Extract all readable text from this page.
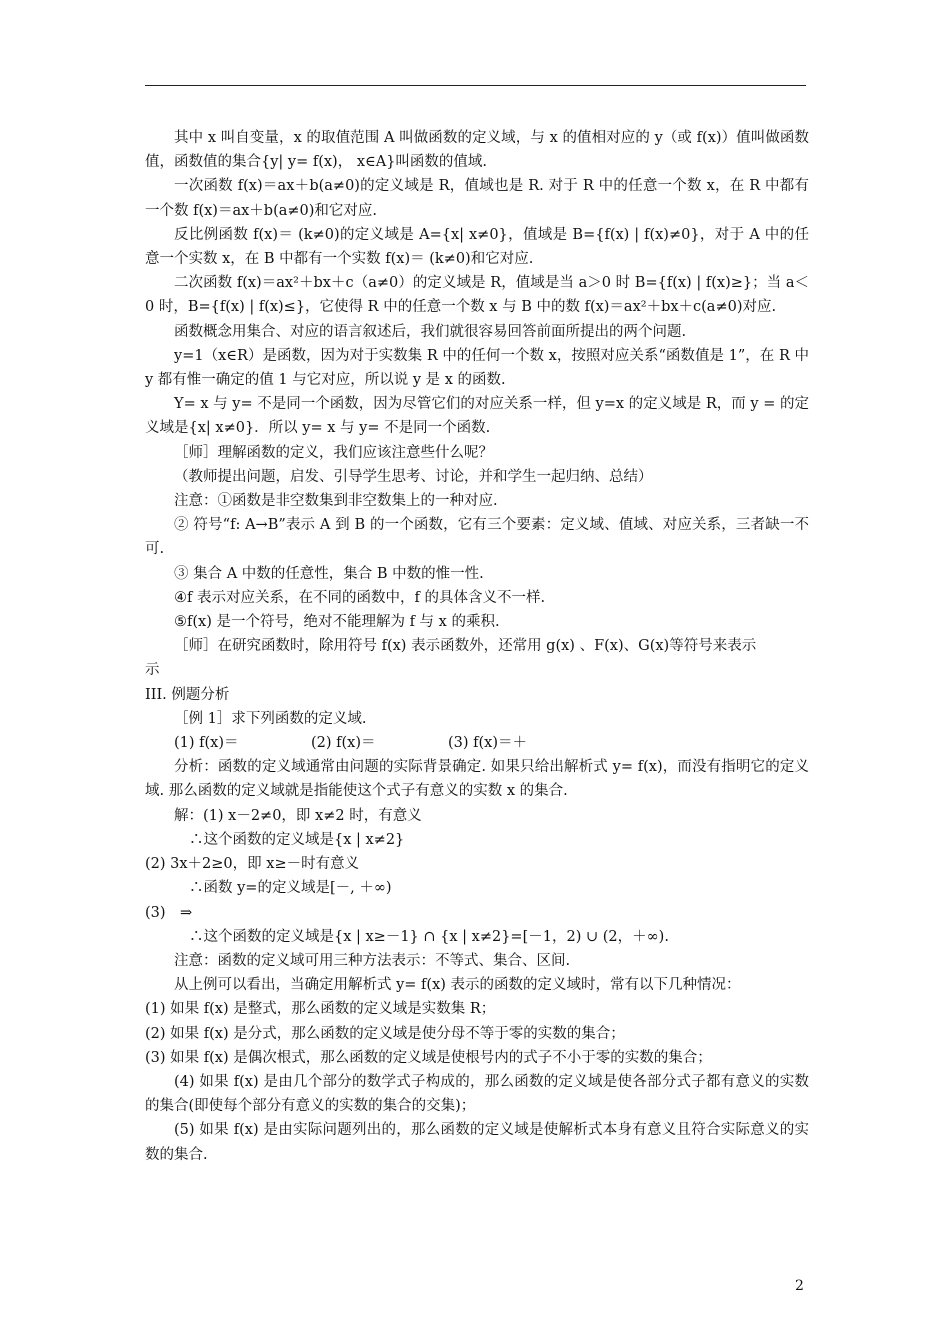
其中 x 叫自变量，x 的取值范围 A 叫做函数的定义域，与 x 的值相对应的 y（或 f(x)）值叫做函数值，函数值的集合{y| y= f(x)， x∈A}叫函数的值域.

一次函数 f(x)＝ax＋b(a≠0)的定义域是 R，值域也是 R. 对于 R 中的任意一个数 x，在 R 中都有一个数 f(x)＝ax＋b(a≠0)和它对应.

反比例函数 f(x)＝ (k≠0)的定义域是 A={x| x≠0}，值域是 B={f(x) | f(x)≠0}，对于 A 中的任意一个实数 x，在 B 中都有一个实数 f(x)＝ (k≠0)和它对应.

二次函数 f(x)＝ax²＋bx＋c（a≠0）的定义域是 R，值域是当 a＞0 时 B={f(x) | f(x)≥}；当 a＜0 时，B={f(x) | f(x)≤}，它使得 R 中的任意一个数 x 与 B 中的数 f(x)＝ax²＋bx＋c(a≠0)对应.

函数概念用集合、对应的语言叙述后，我们就很容易回答前面所提出的两个问题.

y=1（x∈R）是函数，因为对于实数集 R 中的任何一个数 x，按照对应关系“函数值是 1”，在 R 中 y 都有惟一确定的值 1 与它对应，所以说 y 是 x 的函数.

Y= x 与 y= 不是同一个函数，因为尽管它们的对应关系一样，但 y=x 的定义域是 R，而 y = 的定义域是{x| x≠0}．所以 y= x 与 y= 不是同一个函数.

［师］理解函数的定义，我们应该注意些什么呢？

（教师提出问题，启发、引导学生思考、讨论，并和学生一起归纳、总结）

注意：①函数是非空数集到非空数集上的一种对应.

② 符号“f: A→B”表示 A 到 B 的一个函数，它有三个要素：定义域、值域、对应关系，三者缺一不可.

③ 集合 A 中数的任意性，集合 B 中数的惟一性.

④f 表示对应关系，在不同的函数中，f 的具体含义不一样.

⑤f(x) 是一个符号，绝对不能理解为 f 与 x 的乘积.

［师］在研究函数时，除用符号 f(x) 表示函数外，还常用 g(x) 、F(x)、G(x)等符号来表示

示

III. 例题分析

［例 1］求下列函数的定义域.

(1) f(x)＝　　　　　(2) f(x)＝　　　　　(3) f(x)＝＋

分析：函数的定义域通常由问题的实际背景确定. 如果只给出解析式 y= f(x)，而没有指明它的定义域. 那么函数的定义域就是指能使这个式子有意义的实数 x 的集合.

解：(1) x－2≠0，即 x≠2 时，有意义

∴这个函数的定义域是{x | x≠2}

(2) 3x＋2≥0，即 x≥－时有意义

∴函数 y=的定义域是[－, ＋∞)

(3)　⇒

∴这个函数的定义域是{x | x≥－1} ∩ {x | x≠2}=[－1，2) ∪ (2，＋∞).

注意：函数的定义域可用三种方法表示：不等式、集合、区间.

从上例可以看出，当确定用解析式 y= f(x) 表示的函数的定义域时，常有以下几种情况：

(1) 如果 f(x) 是整式，那么函数的定义域是实数集 R；

(2) 如果 f(x) 是分式，那么函数的定义域是使分母不等于零的实数的集合；

(3) 如果 f(x) 是偶次根式，那么函数的定义域是使根号内的式子不小于零的实数的集合；

(4) 如果 f(x) 是由几个部分的数学式子构成的，那么函数的定义域是使各部分式子都有意义的实数的集合(即使每个部分有意义的实数的集合的交集)；

(5) 如果 f(x) 是由实际问题列出的，那么函数的定义域是使解析式本身有意义且符合实际意义的实数的集合.

2
